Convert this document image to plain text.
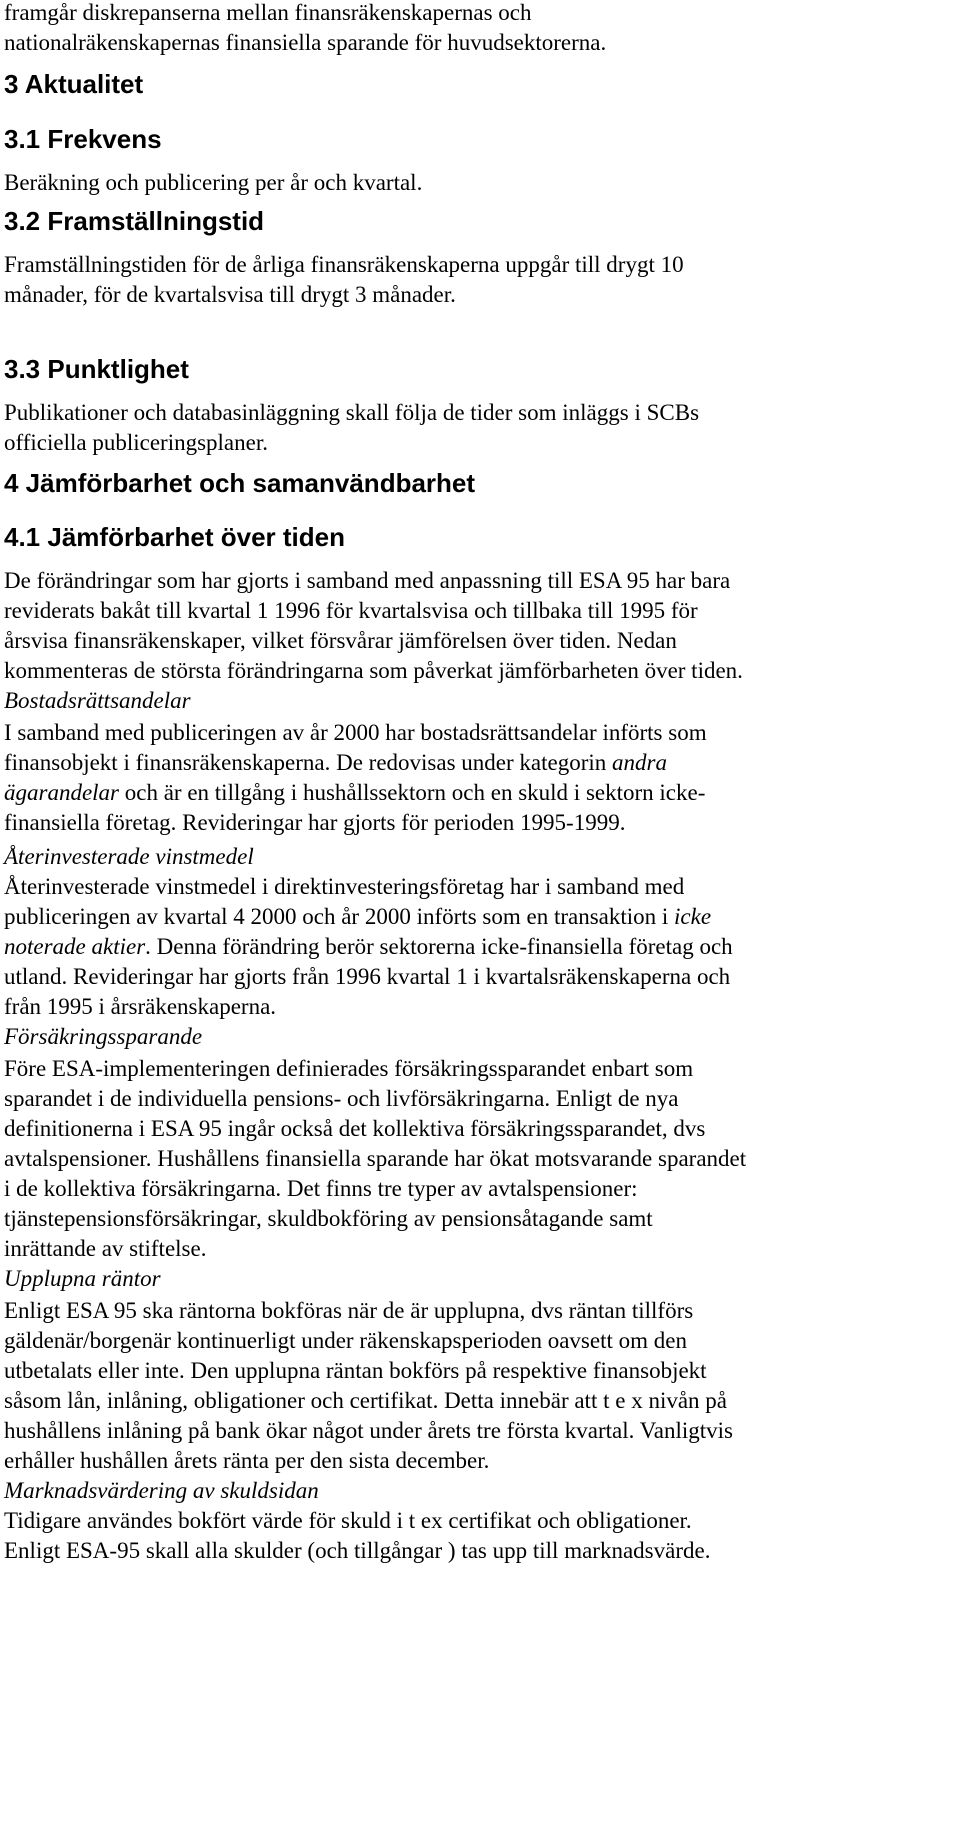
framgår diskrepanserna mellan finansräkenskapernas och

nationalräkenskapernas finansiella sparande för huvudsektorerna.

3 Aktualitet

3.1 Frekvens

Beräkning och publicering per år och kvartal.

3.2 Framställningstid

Framställningstiden för de årliga finansräkenskaperna uppgår till drygt 10

månader, för de kvartalsvisa till drygt 3 månader.

3.3 Punktlighet

Publikationer och databasinläggning skall följa de tider som inläggs i SCBs

officiella publiceringsplaner.

4 Jämförbarhet och samanvändbarhet

4.1 Jämförbarhet över tiden

De förändringar som har gjorts i samband med anpassning till ESA 95 har bara

reviderats bakåt till kvartal 1 1996 för kvartalsvisa och tillbaka till 1995 för

årsvisa finansräkenskaper, vilket försvårar jämförelsen över tiden. Nedan

kommenteras de största förändringarna som påverkat jämförbarheten över tiden.

Bostadsrättsandelar

I samband med publiceringen av år 2000 har bostadsrättsandelar införts som

finansobjekt i finansräkenskaperna. De redovisas under kategorin andra

ägarandelar och är en tillgång i hushållssektorn och en skuld i sektorn icke-

finansiella företag. Revideringar har gjorts för perioden 1995-1999.

Återinvesterade vinstmedel

Återinvesterade vinstmedel i direktinvesteringsföretag har i samband med

publiceringen av kvartal 4 2000 och år 2000 införts som en transaktion i icke

noterade aktier. Denna förändring berör sektorerna icke-finansiella företag och

utland. Revideringar har gjorts från 1996 kvartal 1 i kvartalsräkenskaperna och

från 1995 i årsräkenskaperna.

Försäkringssparande

Före ESA-implementeringen definierades försäkringssparandet enbart som

sparandet i de individuella pensions- och livförsäkringarna. Enligt de nya

definitionerna i ESA 95 ingår också det kollektiva försäkringssparandet, dvs

avtalspensioner. Hushållens finansiella sparande har ökat motsvarande sparandet

i de kollektiva försäkringarna. Det finns tre typer av avtalspensioner:

tjänstepensionsförsäkringar, skuldbokföring av pensionsåtagande samt

inrättande av stiftelse.

Upplupna räntor

Enligt ESA 95 ska räntorna bokföras när de är upplupna, dvs räntan tillförs

gäldenär/borgenär kontinuerligt under räkenskapsperioden oavsett om den

utbetalats eller inte. Den upplupna räntan bokförs på respektive finansobjekt

såsom lån, inlåning, obligationer och certifikat. Detta innebär att t e x nivån på

hushållens inlåning på bank ökar något under årets tre första kvartal. Vanligtvis

erhåller hushållen årets ränta per den sista december.

Marknadsvärdering av skuldsidan

Tidigare användes bokfört värde för skuld i t ex certifikat och obligationer.

Enligt ESA-95 skall alla skulder (och tillgångar ) tas upp till marknadsvärde.
